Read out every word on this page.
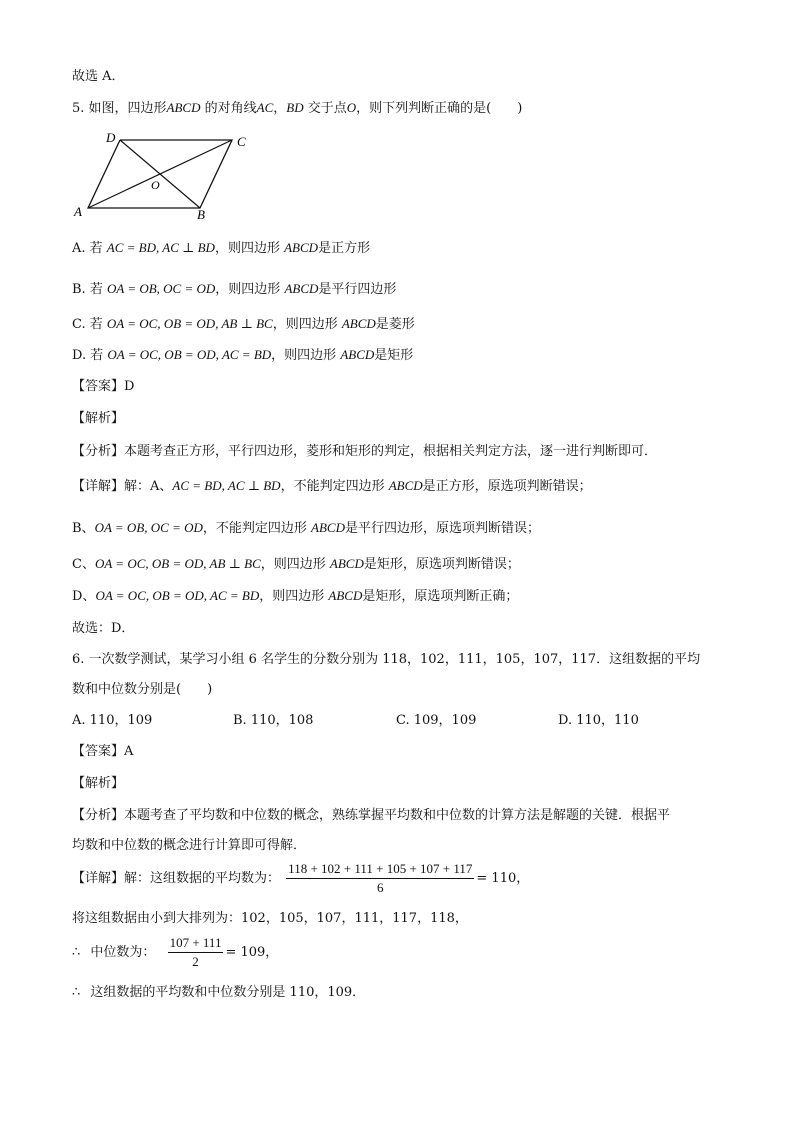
故选 A．
5. 如图，四边形ABCD 的对角线AC，BD 交于点O，则下列判断正确的是(　　)
D	C
O
A	B
A. 若 AC = BD, AC ⊥ BD，则四边形 ABCD是正方形
B. 若 OA = OB, OC = OD，则四边形 ABCD是平行四边形
C. 若 OA = OC, OB = OD, AB ⊥ BC，则四边形 ABCD是菱形
D. 若 OA = OC, OB = OD, AC = BD，则四边形 ABCD是矩形
【答案】D
【解析】
【分析】本题考查正方形，平行四边形，菱形和矩形的判定，根据相关判定方法，逐一进行判断即可．
【详解】解：A、AC = BD, AC ⊥ BD，不能判定四边形 ABCD是正方形，原选项判断错误；
B、OA = OB, OC = OD，不能判定四边形 ABCD是平行四边形，原选项判断错误；
C、OA = OC, OB = OD, AB ⊥ BC，则四边形 ABCD是矩形，原选项判断错误；
D、OA = OC, OB = OD, AC = BD，则四边形 ABCD是矩形，原选项判断正确；
故选：D．
6. 一次数学测试，某学习小组 6 名学生的分数分别为 118，102，111，105，107，117．这组数据的平均
数和中位数分别是(　　)
A. 110，109	B. 110，108	C. 109，109	D. 110，110
【答案】A
【解析】
【分析】本题考查了平均数和中位数的概念，熟练掌握平均数和中位数的计算方法是解题的关键．根据平
均数和中位数的概念进行计算即可得解．
【详解】解：这组数据的平均数为： $\frac{118 + 102 + 111 + 105 + 107 + 117}{6} = 110$，
将这组数据由小到大排列为：102，105，107，111，117，118，
∴ 中位数为： $\frac{107 + 111}{2} = 109$，
∴ 这组数据的平均数和中位数分别是 110，109．
